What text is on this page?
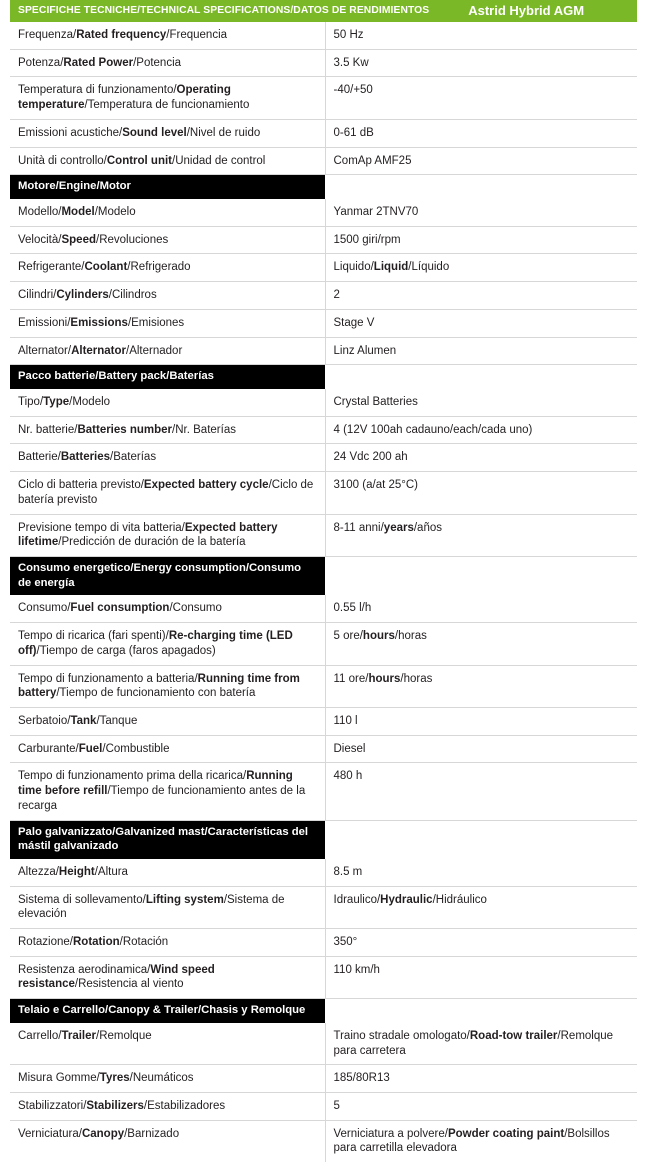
SPECIFICHE TECNICHE/TECHNICAL SPECIFICATIONS/DATOS DE RENDIMIENTOS Astrid Hybrid AGM	

Frequenza/Rated frequency/Frequencia	50 Hz
Potenza/Rated Power/Potencia	3.5 Kw
Temperatura di funzionamento/Operating temperature/Temperatura de funcionamiento	-40/+50
Emissioni acustiche/Sound level/Nivel de ruido	0-61 dB
Unità di controllo/Control unit/Unidad de control	ComAp AMF25

Motore/Engine/Motor	

Modello/Model/Modelo	Yanmar 2TNV70
Velocità/Speed/Revoluciones	1500 giri/rpm
Refrigerante/Coolant/Refrigerado	Liquido/Liquid/Líquido
Cilindri/Cylinders/Cilindros	2
Emissioni/Emissions/Emisiones	Stage V
Alternator/Alternator/Alternador	Linz Alumen

Pacco batterie/Battery pack/Baterías	

Tipo/Type/Modelo	Crystal Batteries
Nr. batterie/Batteries number/Nr. Baterías	4 (12V 100ah cadauno/each/cada uno)
Batterie/Batteries/Baterías	24 Vdc 200 ah
Ciclo di batteria previsto/Expected battery cycle/Ciclo de batería previsto	3100 (a/at 25°C)
Previsione tempo di vita batteria/Expected battery lifetime/Predicción de duración de la batería	8-11 anni/years/años

Consumo energetico/Energy consumption/Consumo de energía	

Consumo/Fuel consumption/Consumo	0.55 l/h
Tempo di ricarica (fari spenti)/Re-charging time (LED off)/Tiempo de carga (faros apagados)	5 ore/hours/horas
Tempo di funzionamento a batteria/Running time from battery/Tiempo de funcionamiento con batería	11 ore/hours/horas
Serbatoio/Tank/Tanque	110 l
Carburante/Fuel/Combustible	Diesel
Tempo di funzionamento prima della ricarica/Running time before refill/Tiempo de funcionamiento antes de la recarga	480 h

Palo galvanizzato/Galvanized mast/Características del mástil galvanizado	

Altezza/Height/Altura	8.5 m
Sistema di sollevamento/Lifting system/Sistema de elevación	Idraulico/Hydraulic/Hidráulico
Rotazione/Rotation/Rotación	350°
Resistenza aerodinamica/Wind speed resistance/Resistencia al viento	110 km/h

Telaio e Carrello/Canopy & Trailer/Chasis y Remolque	

Carrello/Trailer/Remolque	Traino stradale omologato/Road-tow trailer/Remolque para carretera
Misura Gomme/Tyres/Neumáticos	185/80R13
Stabilizzatori/Stabilizers/Estabilizadores	5
Verniciatura/Canopy/Barnizado	Verniciatura a polvere/Powder coating paint/Bolsillos para carretilla elevadora
